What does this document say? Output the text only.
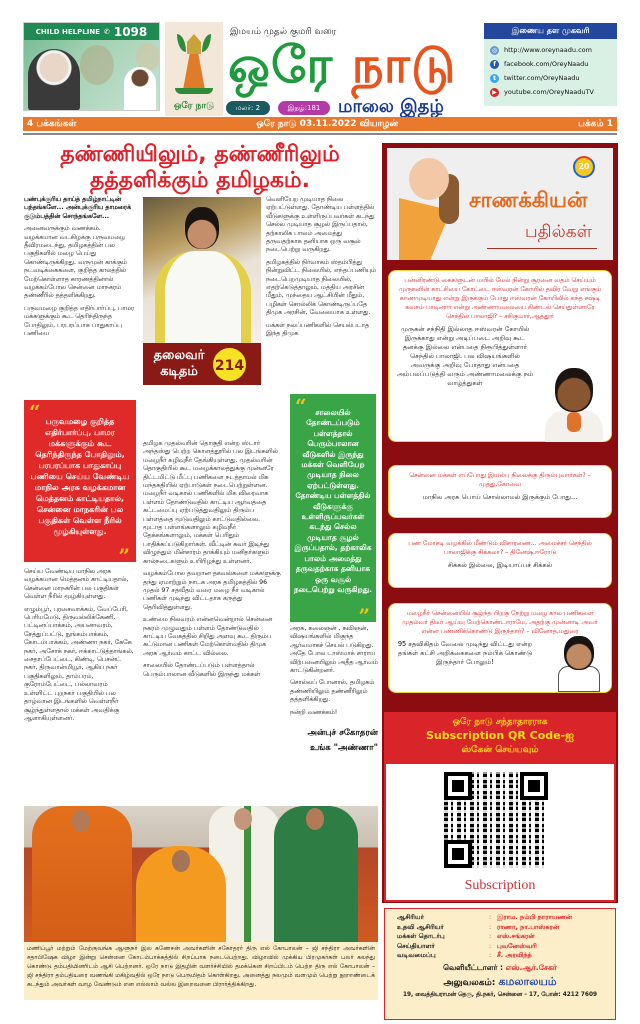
CHILD HELPLINE ✆ 1098
Dr. R.G. Anand	ஒரே நாடு
இமயம் முதல் குமரி வரை
ஒரே நாடு
மலர்: 2	இதழ்:181 மாலை இதழ்
இணைய தள முகவரி
◎ http://www.oreynaadu.com
f	facebook.com/OreyNaadu
t	twitter.com/OreyNaadu
▶	youtube.com/OreyNaaduTV
4 பக்கங்கள்	ஒரே நாடு 03.11.2022 வியாழன்	பக்கம் 1
தண்ணியிலும், தண்ணீரிலும்
தத்தளிக்கும் தமிழகம்.

பண்புக்குரிய தாய்த் தமிழ்நாட்டின் பந்தங்களே... அன்புக்குரிய தாமரைக் குடும்பத்தின் சொந்தங்களே...

அனைவருக்கும் வணக்கம். வழக்கமான வடகிழக்கு பருவமழை தீவிரமடைந்து, தமிழகத்தின் பல பகுதிகளில் மழை பெய்து கொண்டிருக்கிறது. வருமுன் காக்கும் நடவடிக்கைகளை, குறித்த காலத்தில் மேற்கொள்ளாத காரணத்தினால் வழக்கம்போல சென்னை மாநகரம் தண்ணீரில் தத்தளிக்கிறது.

பருவமழை குறித்த எதிர்பார்ப்பு, பாமர மக்களுக்கும் கூட தெரிந்திருந்த போதிலும், பரபரப்பாக பாதுகாப்பு பணியை

“ பருவமழை குறித்த எதிர்பார்ப்பு, பாமர மக்களுக்கும் கூட தெரிந்திருந்த போதிலும், பரபரப்பாக பாதுகாப்பு பணியை செய்ய வேண்டிய மாநில அரசு வழக்கமான மெத்தனம் காட்டியதால், சென்னை மாநகரின் பல பகுதிகள் வெள்ள நீரில் மூழ்கியுள்ளது.
”

செய்ய வேண்டிய மாநில அரசு வழக்கமான மெத்தனம் காட்டியதால், சென்னை மாநகரின் பல பகுதிகள் வெள்ள நீரில் மூழ்கியுள்ளது.

எழும்பூர், புரசைவாக்கம், வேப்பேரி, பெரியமேடு, திருவல்லிக்கேணி, பட்டினப்பாக்கம், அயனாவரம், சேத்துப்பட்டு, நுங்கம்பாக்கம், கோடம்பாக்கம், அண்ணா நகர், கேகே நகர், அசோக் நகர், ஈக்காட்டுத்தாங்கல், சைதாப்பேட்டை, கிண்டி, பெசன்ட் நகர், திருவான்மியூர், ஆகிய நகர் பகுதிகளிலும், தாம்பரம், குரோம்பேட்டை, பல்லாவரம் உள்ளிட்ட புறநகர் பகுதியில் பல தாழ்வான இடங்களில் வெள்ளநீர் சூழ்ந்துள்ளதால் மக்கள் அவதிக்கு ஆளாகியுள்ளனர்.

தலைவர் கடிதம்	214

தமிழக முதல்வரின் தொகுதி என்ற ஸ்டார் அந்தஸ்து பெற்ற கொளத்தூரில் பல இடங்களில் மழைநீர் கழிவுநீர் தேங்கியுள்ளது. முதல்வரின் தொகுதியில் கூட மழைக்காலத்துக்கு முன்னரே திட்டமிட்டு மீட்பு பணிகளை நடத்தாமல் மிக மந்தகதியில் ஏற்பாடுகள் நடைபெற்றுள்ளன. மழைநீர் வடிகால் பணிகளில் மிக விரைவாக பள்ளம் தோண்டுவதில் காட்டிய ஆர்வத்தை கட்டமைப்பு ஏற்படுத்துவதிலும் திரும்ப பள்ளத்தை மூடுவதிலும் காட்டுவதில்லை. மூடாத பள்ளங்களாலும் கழிவுநீர் தேக்கங்களாலும், மக்கள் பெரிதும் பாதிக்கப்படுகிறார்கள். வீட்டின் சுவர் இடிந்து விழுந்தும் மின்சாரம் தாக்கியும் மனிதர்களும் கால்நடைகளும் உயிரிழந்து உள்ளனர்.

வழக்கம்போல தவறான தகவல்களை மக்களுக்கு தந்து ஏமாற்றும் நாடக அரசு தமிழகத்தில் 96 முதல் 97 சதவீதம் வரை மழை நீர் வடிகால் பணிகள் முடிந்து விட்டதாக கருத்து தெரிவித்துள்ளது.

உண்மை நிலவரம் என்னவென்றால் சென்னை நகரம் முழுவதும் பள்ளம் தோண்டுவதில் காட்டிய வேகத்தில் சிறிது அளவு கூட திரும்ப கட்டுமான பணிகள் மேற்கொள்வதில் திமுக அரசு ஆர்வம் காட்ட வில்லை.

சாலையில் தோண்டப்படும் பள்ளத்தால் பெரும்பாலான வீடுகளில் இருந்து மக்கள்

வெளியேற முடியாத நிலை ஏற்பட்டுள்ளது. தோண்டிய பள்ளத்தில் வீடுகளுக்கு உள்ளிருப்பவர்கள் கடந்து செல்ல முடியாத சூழல் இருப்பதால், தற்காலிக பாலம் அமைத்து தருவதற்காக தனியாக ஒரு வசூல் நடைபெற்று வருகிறது.

தமிழகத்தில் நிர்வாகம் ஸ்தம்பித்து நின்றுவிட்ட நிலையில், எந்தப்பணியும் நடைபெறமுடியாத நிலையில், எதற்கெடுத்தாலும், மத்திய அரசின் மீதும், முந்தைய ஆட்சியின் மீதும், பழிகள் சொல்லிக் கொண்டிருப்பதே திமுக அரசின், வேலையாக உள்ளது.

மக்கள் நலப்பணிகளில் செயல்படாத இந்த திமுக

“ சாலையில் தோண்டப்படும் பள்ளத்தால் பெரும்பாலான வீடுகளில் இருந்து மக்கள் வெளியேற முடியாத நிலை ஏற்பட்டுள்ளது. தோண்டிய பள்ளத்தில் வீடுகளுக்கு உள்ளிருப்பவர்கள் கடந்து செல்ல முடியாத சூழல் இருப்பதால், தற்காலிக பாலம் அமைத்து தருவதற்காக தனியாக ஒரு வசூல் நடைபெற்று வருகிறது.
”

அரசு, கலைஞன் , கவிஞன், விஷயங்களில் மிகுந்த ஆர்வமாகச் செயல் படுகிறது. அதே போல டாஸ்மாக் சாராய விற்பனையிலும் அதீத ஆர்வம் காட்டுகின்றனர்.

சொல்லப் போனால், தமிழகம் தண்ணியிலும் தண்ணீரிலும் தத்தளிக்கிறது.

நன்றி வணக்கம்!

அன்புச் சகோதரன்
உங்க "அண்ணா"
மணிப்பூர் மற்றும் மேற்குவங்க ஆளுநர் இல கணேசன் அவர்களின் சகோதரர் திரு எல் கோபாலன் – ஜி சந்திரா அவர்களின் சதாபிஷேக விழா இன்று சென்னை கோடம்பாக்கத்தில் சிறப்பாக நடைபெற்றது. விழாவில் முக்கிய பிரமுகர்கள் பலர் கலந்து கொண்டு தம்பதியினரிடம் ஆசி பெற்றனர். ஒரே நாடு இதழின் வளர்ச்சியில் தமக்கென சிறப்பிடம் பெற்ற திரு எல் கோபாலன் – ஜி சந்திரா தம்பதியரை வணங்கி மகிழ்வதில் ஒரே நாடு பெருமிதம் கொள்கிறது. அனைத்து நலமும் வளமும் பெற்று நூறாண்டைக் கடந்தும் அவர்கள் வாழ வேண்டும் என எல்லாம் வல்ல இறைவனை பிரார்த்திக்கிறது.
20
சாணக்கியன்
பதில்கள்
பன்னிரண்டு கைகளுடன் மயில் மேல் நின்று சூரனை வதம் செய்யும் முருகனின் காட்சியை கோட்டை ஈஸ்வரன் கோயில் தவிர வேறு எங்கும் காணமுடியாது என்று இருக்கும் போது ஈஸ்வரன் கோயிலில் கந்த சஷ்டி கவசம் பாடினார் என்று அண்ணாமலையை கிண்டல் செய்துள்ளாரே செந்தில் பாலாஜி? – சசிகுமார்,ஆத்தூர்
முருகன் சந்நிதி இல்லாத ஈஸ்வரன் கோயில் இருக்காது என்று அடிப்படை அறிவு கூட தனக்கு இல்லை என்பதை நிரூபித்துள்ளார் செந்தில் பாலாஜி. பல விஷயங்களில் அவருக்கு அறிவு போதாது என்பதை அம்பலப்படுத்தி வரும் அண்ணாமலைக்கு நம் வாழ்த்துகள்
சென்னை மக்கள் எப்போது இயல்பு நிலைக்கு திரும்புவார்கள்? – முத்து,கோவை
மாநில அரசு பொய் சொல்லாமல் இருக்கும் போது...
பண மோசடி வழக்கில் மீண்டும் விசாரணை... அமைச்சர் செந்தில் பாலாஜிக்கு சிக்கலா? – தினேஷ்,ஈரோடு
சிக்கல் இல்லை, இடியாப்பச் சிக்கல்
மழைநீர் சென்னையில் சூழ்ந்த பிறகு நேற்று மழை கால பணிகளை முதல்வர் திடீர் ஆய்வு மேற்கொண்டாராமே, அதற்கு முன்னாடி அவர் என்ன பண்ணிக்கொண்டு இருந்தார்? – வினோத்,மதுரை
95 சதவிகிதம் வேலை முடிந்து விட்டது என்ற தங்கள் கட்சி அறிக்கைகளை நம்பிக் கொண்டு இருந்தார் போலும்!
ஒரே நாடு சந்தாதாரராக
Subscription QR Code-ஐ
ஸ்கேன் செய்யவும்
Subscription
ஆசிரியர்	: இராம. நம்பி நாராயணன்
உதவி ஆசிரியர்	: ராணா, நா.பாஸ்கரன்
மக்கள் தொடர்பு	: எஸ்.சங்கரன்
செய்தியாளர்	: புவனேஸ்வரி
வடிவமைப்பு	: சீ. அரவிந்த்
வெளியீட்டாளர் : எஸ்.ஆர்.சேகர்
அலுவலகம்: கமலாலயம்
19, வைத்தியராமன் தெரு, தி.நகர், சென்னை – 17, போன்: 4212 7609
